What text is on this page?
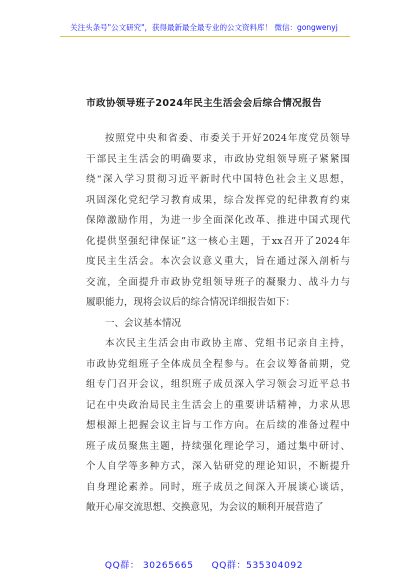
关注头条号"公文研究"，获得最新最全最专业的公文资料库！ 微信：gongwenyj
市政协领导班子2024年民主生活会会后综合情况报告
按照党中央和省委、市委关于开好2024年度党员领导
干部民主生活会的明确要求，市政协党组领导班子紧紧围
绕“深入学习贯彻习近平新时代中国特色社会主义思想，
巩固深化党纪学习教育成果，综合发挥党的纪律教育约束
保障激励作用，为进一步全面深化改革、推进中国式现代
化提供坚强纪律保证”这一核心主题，于xx召开了2024年
度民主生活会。本次会议意义重大，旨在通过深入剖析与
交流，全面提升市政协党组领导班子的凝聚力、战斗力与
履职能力，现将会议后的综合情况详细报告如下：
一、会议基本情况
本次民主生活会由市政协主席、党组书记亲自主持，
市政协党组班子全体成员全程参与。在会议筹备前期，党
组专门召开会议，组织班子成员深入学习领会习近平总书
记在中央政治局民主生活会上的重要讲话精神，力求从思
想根源上把握会议主旨与工作方向。在后续的准备过程中
班子成员聚焦主题，持续强化理论学习，通过集中研讨、
个人自学等多种方式，深入钻研党的理论知识，不断提升
自身理论素养。同时，班子成员之间深入开展谈心谈话，
敞开心扉交流思想、交换意见，为会议的顺利开展营造了
QQ群： 30265665 QQ群：535304092
